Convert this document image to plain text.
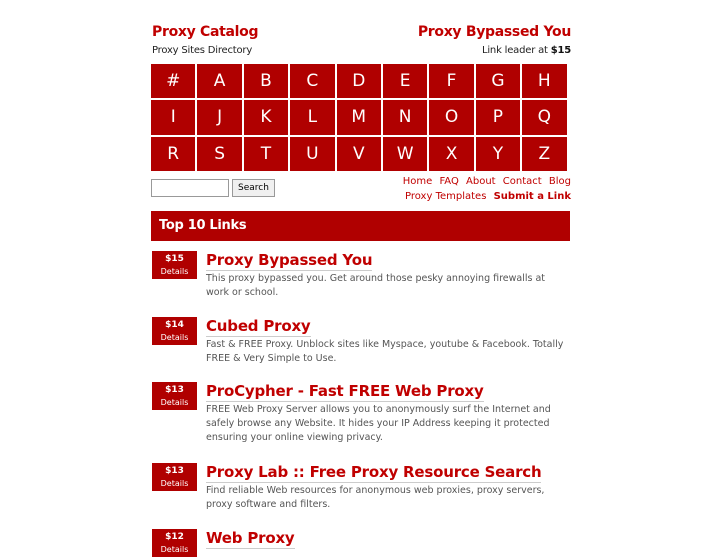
Proxy Catalog
Proxy Sites Directory
Proxy Bypassed You
Link leader at $15
#	A	B	C	D	E	F	G	H
I	J	K	L	M	N	O	P	Q
R	S	T	U	V	W	X	Y	Z
Search
Home FAQ About Contact Blog
Proxy Templates Submit a Link
Top 10 Links
$15
Details
Proxy Bypassed You
This proxy bypassed you. Get around those pesky annoying firewalls at work or school.
$14
Details
Cubed Proxy
Fast & FREE Proxy. Unblock sites like Myspace, youtube & Facebook. Totally FREE & Very Simple to Use.
$13
Details
ProCypher - Fast FREE Web Proxy
FREE Web Proxy Server allows you to anonymously surf the Internet and safely browse any Website. It hides your IP Address keeping it protected ensuring your online viewing privacy.
$13
Details
Proxy Lab :: Free Proxy Resource Search
Find reliable Web resources for anonymous web proxies, proxy servers, proxy software and filters.
$12
Details
Web Proxy
